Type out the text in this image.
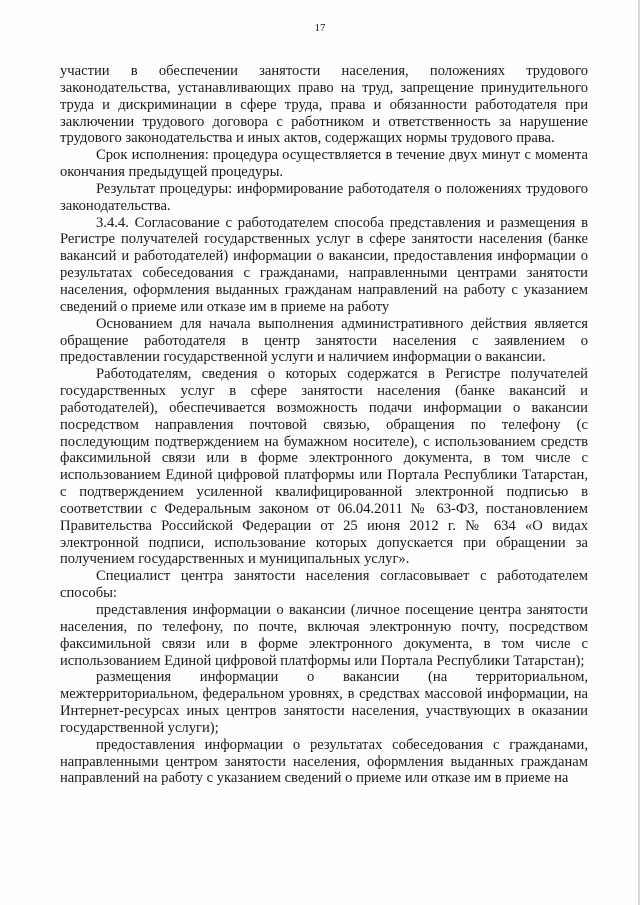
17

участии в обеспечении занятости населения, положениях трудового законодательства, устанавливающих право на труд, запрещение принудительного труда и дискриминации в сфере труда, права и обязанности работодателя при заключении трудового договора с работником и ответственность за нарушение трудового законодательства и иных актов, содержащих нормы трудового права.

Срок исполнения: процедура осуществляется в течение двух минут с момента окончания предыдущей процедуры.

Результат процедуры: информирование работодателя о положениях трудового законодательства.

3.4.4. Согласование с работодателем способа представления и размещения в Регистре получателей государственных услуг в сфере занятости населения (банке вакансий и работодателей) информации о вакансии, предоставления информации о результатах собеседования с гражданами, направленными центрами занятости населения, оформления выданных гражданам направлений на работу с указанием сведений о приеме или отказе им в приеме на работу

Основанием для начала выполнения административного действия является обращение работодателя в центр занятости населения с заявлением о предоставлении государственной услуги и наличием информации о вакансии.

Работодателям, сведения о которых содержатся в Регистре получателей государственных услуг в сфере занятости населения (банке вакансий и работодателей), обеспечивается возможность подачи информации о вакансии посредством направления почтовой связью, обращения по телефону (с последующим подтверждением на бумажном носителе), с использованием средств факсимильной связи или в форме электронного документа, в том числе с использованием Единой цифровой платформы или Портала Республики Татарстан, с подтверждением усиленной квалифицированной электронной подписью в соответствии с Федеральным законом от 06.04.2011 № 63-ФЗ, постановлением Правительства Российской Федерации от 25 июня 2012 г. № 634 «О видах электронной подписи, использование которых допускается при обращении за получением государственных и муниципальных услуг».

Специалист центра занятости населения согласовывает с работодателем способы:

представления информации о вакансии (личное посещение центра занятости населения, по телефону, по почте, включая электронную почту, посредством факсимильной связи или в форме электронного документа, в том числе с использованием Единой цифровой платформы или Портала Республики Татарстан);

размещения информации о вакансии (на территориальном, межтерриториальном, федеральном уровнях, в средствах массовой информации, на Интернет-ресурсах иных центров занятости населения, участвующих в оказании государственной услуги);

предоставления информации о результатах собеседования с гражданами, направленными центром занятости населения, оформления выданных гражданам направлений на работу с указанием сведений о приеме или отказе им в приеме на
